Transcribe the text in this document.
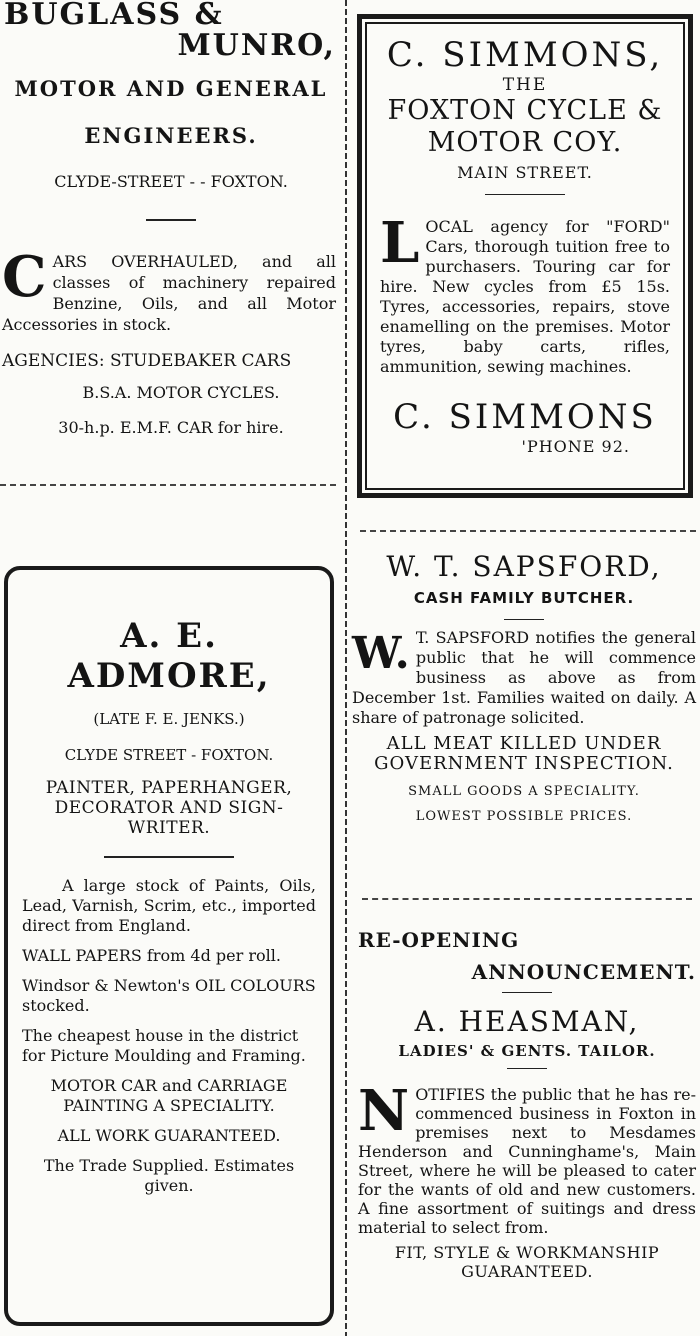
BUGLASS &
MUNRO,
MOTOR AND GENERAL
ENGINEERS.
CLYDE-STREET - - FOXTON.
C ARS OVERHAULED, and all classes of machinery repaired Benzine, Oils, and all Motor Accessories in stock.
AGENCIES: STUDEBAKER CARS
B.S.A. MOTOR CYCLES.
30-h.p. E.M.F. CAR for hire.
C. SIMMONS,
THE
FOXTON CYCLE &
MOTOR COY.
MAIN STREET.
L OCAL agency for "FORD" Cars, thorough tuition free to purchasers. Touring car for hire. New cycles from £5 15s. Tyres, accessories, repairs, stove enamelling on the premises. Motor tyres, baby carts, rifles, ammunition, sewing machines.
C. SIMMONS
'PHONE 92.
A. E. ADMORE,
(LATE F. E. JENKS.)
CLYDE STREET - FOXTON.
PAINTER, PAPERHANGER, DECORATOR AND SIGN-WRITER.
A large stock of Paints, Oils, Lead, Varnish, Scrim, etc., imported direct from England.
WALL PAPERS from 4d per roll.
Windsor & Newton's OIL COLOURS stocked.
The cheapest house in the district for Picture Moulding and Framing.
MOTOR CAR and CARRIAGE PAINTING A SPECIALITY.
ALL WORK GUARANTEED.
The Trade Supplied. Estimates given.
W. T. SAPSFORD,
CASH FAMILY BUTCHER.
W. T. SAPSFORD notifies the general public that he will commence business as above as from December 1st. Families waited on daily. A share of patronage solicited.
ALL MEAT KILLED UNDER GOVERNMENT INSPECTION.
SMALL GOODS A SPECIALITY.
LOWEST POSSIBLE PRICES.
RE-OPENING
ANNOUNCEMENT.
A. HEASMAN,
LADIES' & GENTS. TAILOR.
N OTIFIES the public that he has re-commenced business in Foxton in premises next to Mesdames Henderson and Cunninghame's, Main Street, where he will be pleased to cater for the wants of old and new customers. A fine assortment of suitings and dress material to select from.
FIT, STYLE & WORKMANSHIP GUARANTEED.
